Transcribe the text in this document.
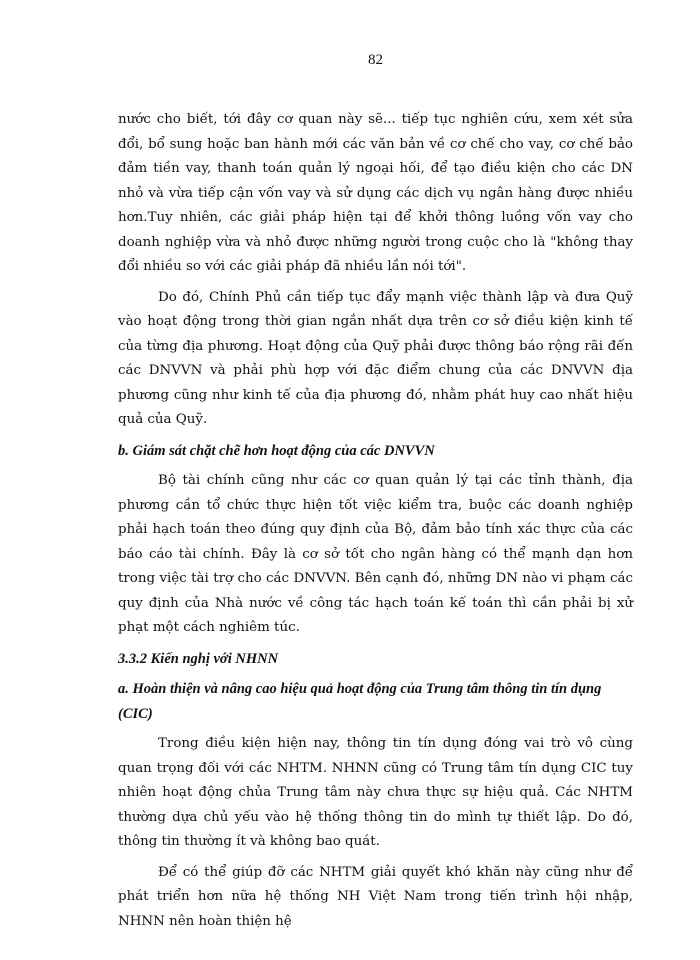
82

nước cho biết, tới đây cơ quan này sẽ... tiếp tục nghiên cứu, xem xét sửa đổi, bổ sung hoặc ban hành mới các văn bản về cơ chế cho vay, cơ chế bảo đảm tiền vay, thanh toán quản lý ngoại hối, để tạo điều kiện cho các DN nhỏ và vừa tiếp cận vốn vay và sử dụng các dịch vụ ngân hàng được nhiều hơn.Tuy nhiên, các giải pháp hiện tại để khởi thông luồng vốn vay cho doanh nghiệp vừa và nhỏ được những người trong cuộc cho là "không thay đổi nhiều so với các giải pháp đã nhiều lần nói tới".

Do đó, Chính Phủ cần tiếp tục đẩy mạnh việc thành lập và đưa Quỹ vào hoạt động trong thời gian ngắn nhất dựa trên cơ sở điều kiện kinh tế của từng địa phương. Hoạt động của Quỹ phải được thông báo rộng rãi đến các DNVVN và phải phù hợp với đặc điểm chung của các DNVVN địa phương cũng như kinh tế của địa phương đó, nhằm phát huy cao nhất hiệu quả của Quỹ.

b. Giám sát chặt chẽ hơn hoạt động của các DNVVN

Bộ tài chính cũng như các cơ quan quản lý tại các tỉnh thành, địa phương cần tổ chức thực hiện tốt việc kiểm tra, buộc các doanh nghiệp phải hạch toán theo đúng quy định của Bộ, đảm bảo tính xác thực của các báo cáo tài chính. Đây là cơ sở tốt cho ngân hàng có thể mạnh dạn hơn trong việc tài trợ cho các DNVVN. Bên cạnh đó, những DN nào vi phạm các quy định của Nhà nước về công tác hạch toán kế toán thì cần phải bị xử phạt một cách nghiêm túc.

3.3.2 Kiến nghị với NHNN
a. Hoàn thiện và nâng cao hiệu quả hoạt động của Trung tâm thông tin tín dụng (CIC)

Trong điều kiện hiện nay, thông tin tín dụng đóng vai trò vô cùng quan trọng đối với các NHTM. NHNN cũng có Trung tâm tín dụng CIC tuy nhiên hoạt động chủa Trung tâm này chưa thực sự hiệu quả. Các NHTM thường dựa chủ yếu vào hệ thống thông tin do mình tự thiết lập. Do đó, thông tin thường ít và không bao quát.

Để có thể giúp đỡ các NHTM giải quyết khó khăn này cũng như để phát triển hơn nữa hệ thống NH Việt Nam trong tiến trình hội nhập, NHNN nên hoàn thiện hệ
